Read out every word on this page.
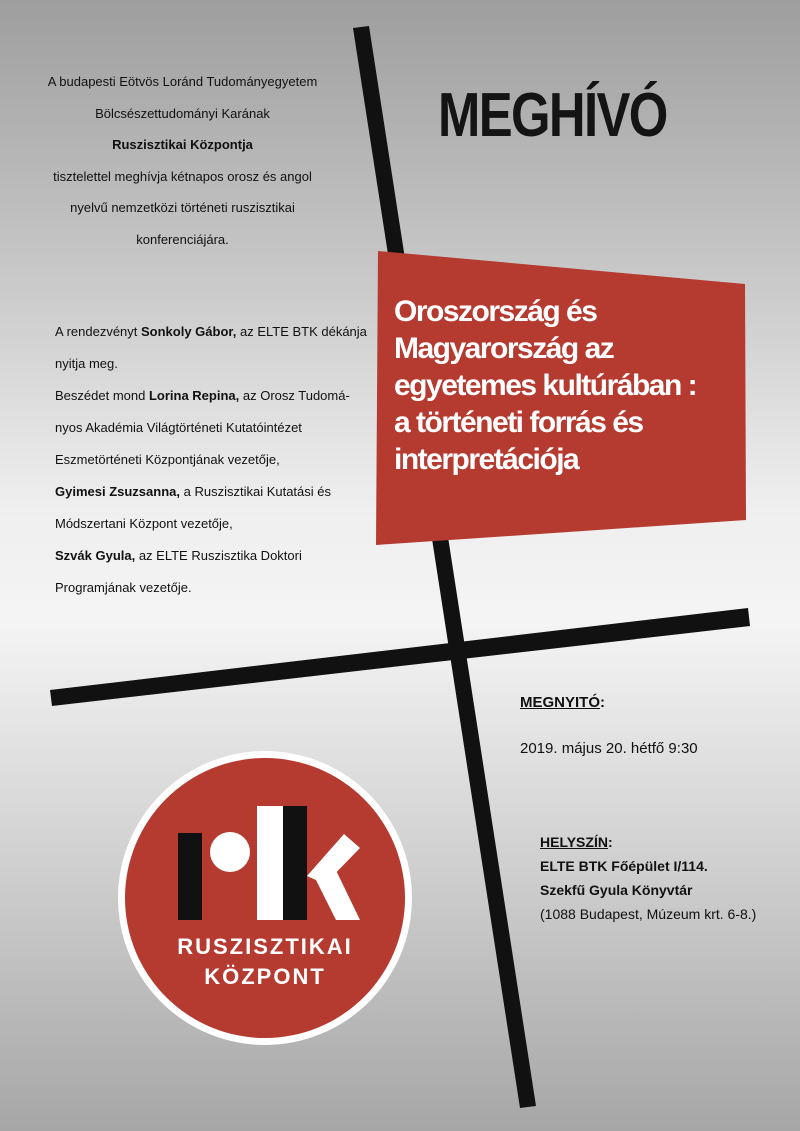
A budapesti Eötvös Loránd Tudományegyetem
Bölcsészettudományi Karának
Ruszisztikai Központja
tisztelettel meghívja kétnapos orosz és angol
nyelvű nemzetközi történeti ruszisztikai
konferenciájára.
MEGHÍVÓ
Oroszország és
Magyarország az
egyetemes kultúrában :
a történeti forrás és
interpretációja
A rendezvényt Sonkoly Gábor, az ELTE BTK dékánja
nyitja meg.
Beszédet mond Lorina Repina, az Orosz Tudomá-
nyos Akadémia Világtörténeti Kutatóintézet
Eszmetörténeti Központjának vezetője,
Gyimesi Zsuzsanna, a Ruszisztikai Kutatási és
Módszertani Központ vezetője,
Szvák Gyula, az ELTE Ruszisztika Doktori
Programjának vezetője.
MEGNYITÓ:
2019. május 20. hétfő 9:30
HELYSZÍN:
ELTE BTK Főépület I/114.
Szekfű Gyula Könyvtár
(1088 Budapest, Múzeum krt. 6-8.)
RUSZISZTIKAI
KÖZPONT
